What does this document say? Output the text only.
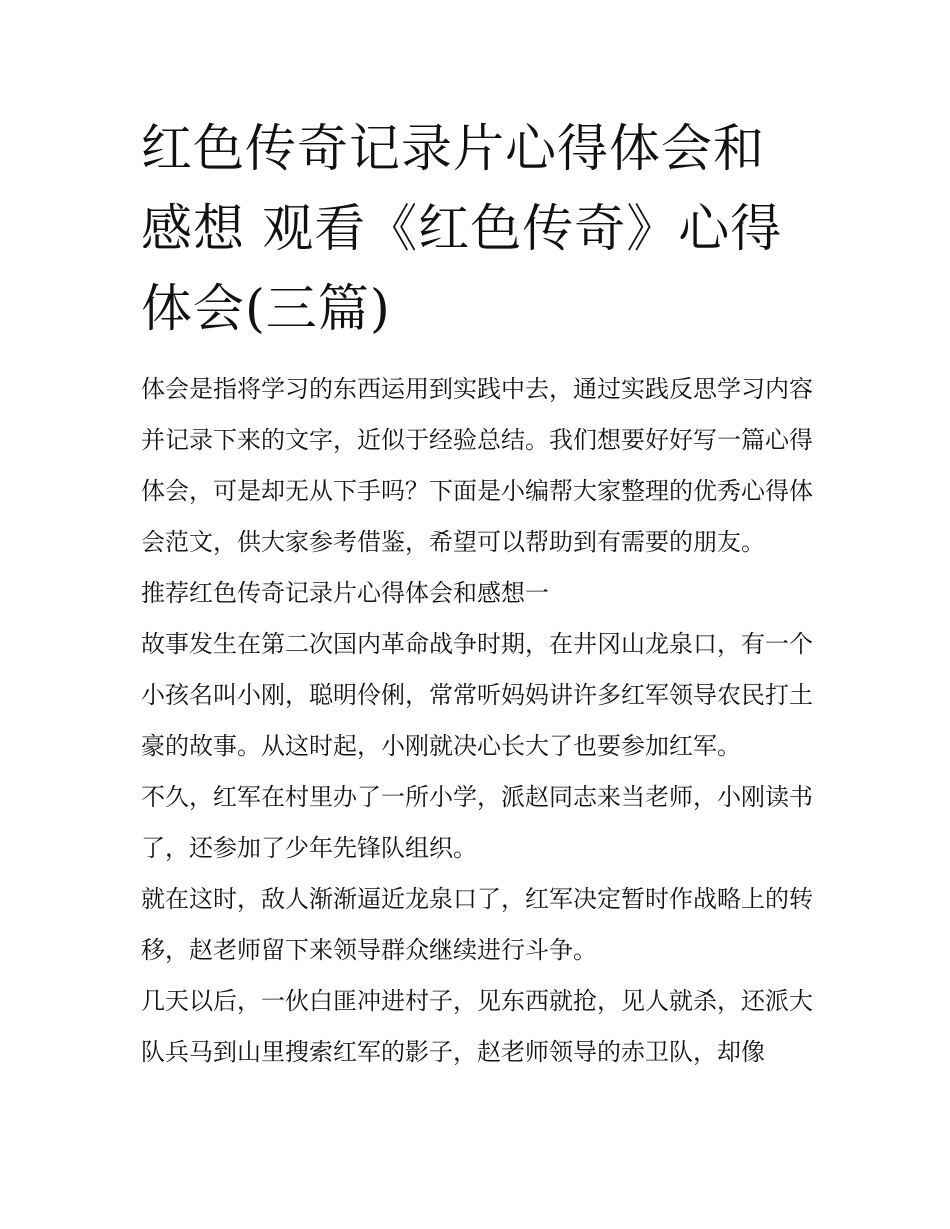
红色传奇记录片心得体会和感想 观看《红色传奇》心得体会(三篇)

体会是指将学习的东西运用到实践中去，通过实践反思学习内容并记录下来的文字，近似于经验总结。我们想要好好写一篇心得体会，可是却无从下手吗？下面是小编帮大家整理的优秀心得体会范文，供大家参考借鉴，希望可以帮助到有需要的朋友。

推荐红色传奇记录片心得体会和感想一

故事发生在第二次国内革命战争时期，在井冈山龙泉口，有一个小孩名叫小刚，聪明伶俐，常常听妈妈讲许多红军领导农民打土豪的故事。从这时起，小刚就决心长大了也要参加红军。

不久，红军在村里办了一所小学，派赵同志来当老师，小刚读书了，还参加了少年先锋队组织。

就在这时，敌人渐渐逼近龙泉口了，红军决定暂时作战略上的转移，赵老师留下来领导群众继续进行斗争。

几天以后，一伙白匪冲进村子，见东西就抢，见人就杀，还派大队兵马到山里搜索红军的影子，赵老师领导的赤卫队，却像
